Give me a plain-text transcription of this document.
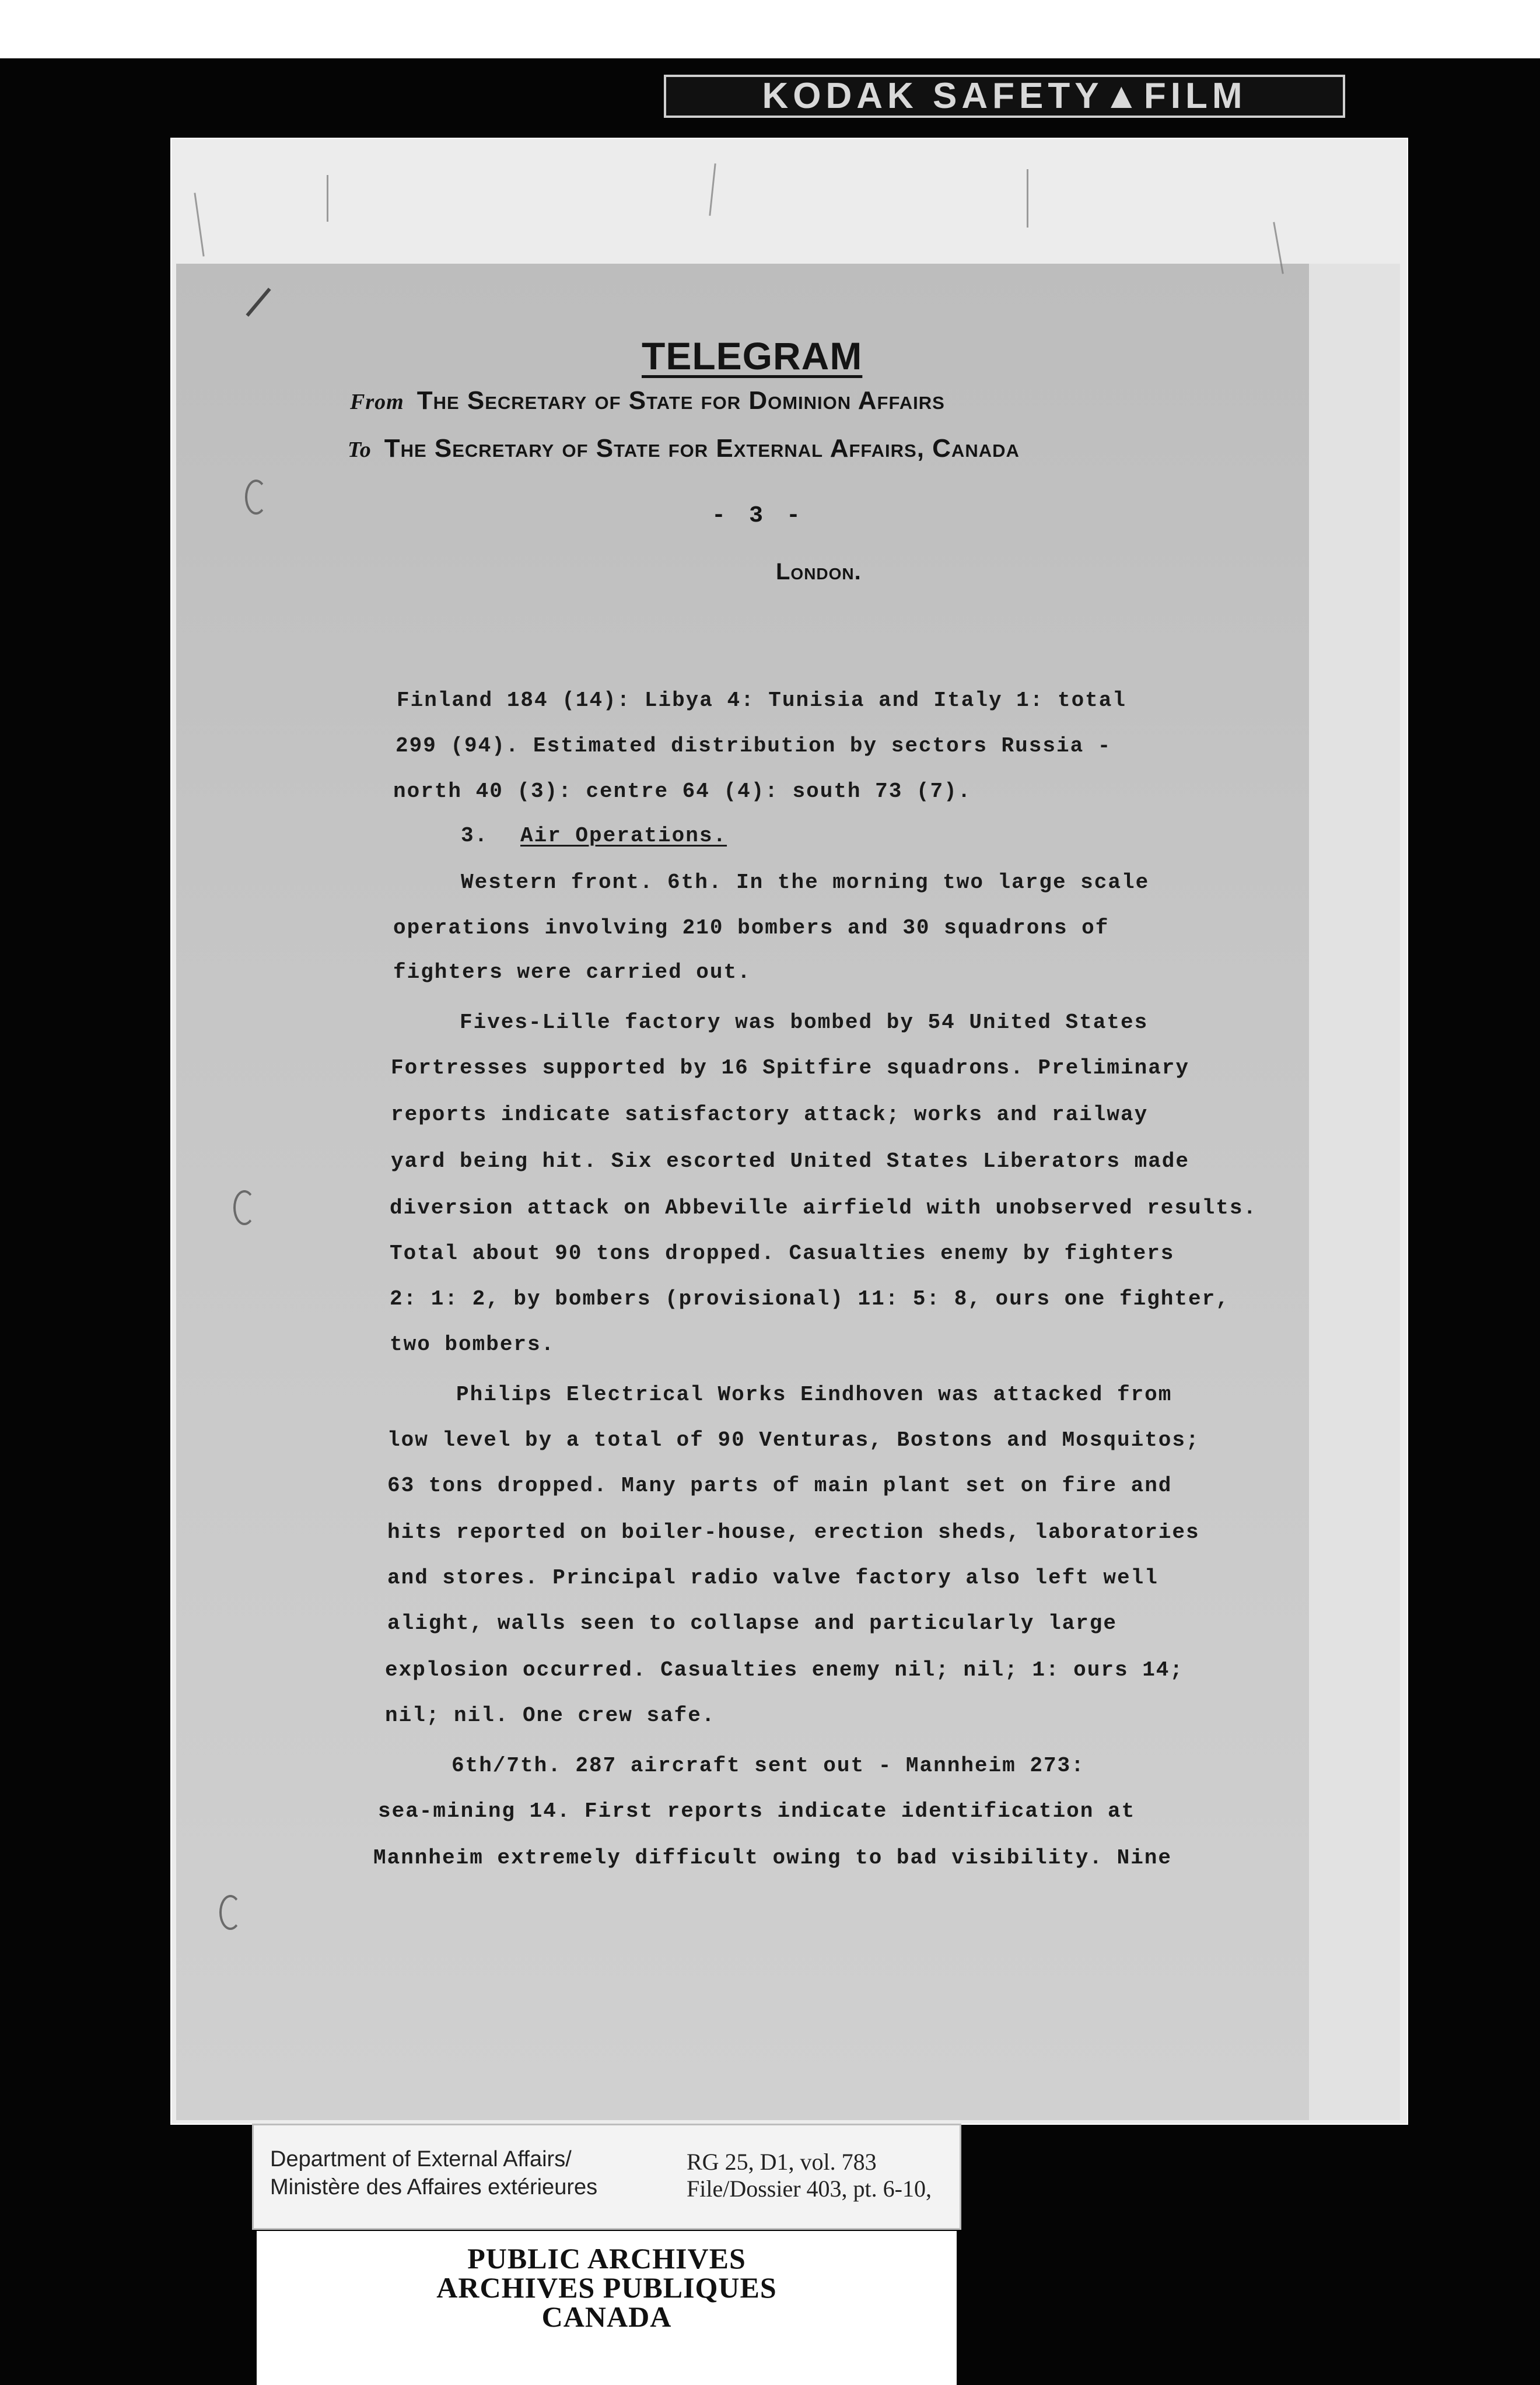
KODAK SAFETY▲FILM
TELEGRAM
From The Secretary of State for Dominion Affairs
To The Secretary of State for External Affairs, Canada
- 3 -
London.
Finland 184 (14): Libya 4: Tunisia and Italy 1: total
299 (94). Estimated distribution by sectors Russia -
north 40 (3): centre 64 (4): south 73 (7).
3. Air Operations.
Western front. 6th. In the morning two large scale
operations involving 210 bombers and 30 squadrons of
fighters were carried out.
Fives-Lille factory was bombed by 54 United States
Fortresses supported by 16 Spitfire squadrons. Preliminary
reports indicate satisfactory attack; works and railway
yard being hit. Six escorted United States Liberators made
diversion attack on Abbeville airfield with unobserved results.
Total about 90 tons dropped. Casualties enemy by fighters
2: 1: 2, by bombers (provisional) 11: 5: 8, ours one fighter,
two bombers.
Philips Electrical Works Eindhoven was attacked from
low level by a total of 90 Venturas, Bostons and Mosquitos;
63 tons dropped. Many parts of main plant set on fire and
hits reported on boiler-house, erection sheds, laboratories
and stores. Principal radio valve factory also left well
alight, walls seen to collapse and particularly large
explosion occurred. Casualties enemy nil; nil; 1: ours 14;
nil; nil. One crew safe.
6th/7th. 287 aircraft sent out - Mannheim 273:
sea-mining 14. First reports indicate identification at
Mannheim extremely difficult owing to bad visibility. Nine
Department of External Affairs/
Ministère des Affaires extérieures
RG 25, D1, vol. 783
File/Dossier 403, pt. 6-10,
PUBLIC ARCHIVES
ARCHIVES PUBLIQUES
CANADA
